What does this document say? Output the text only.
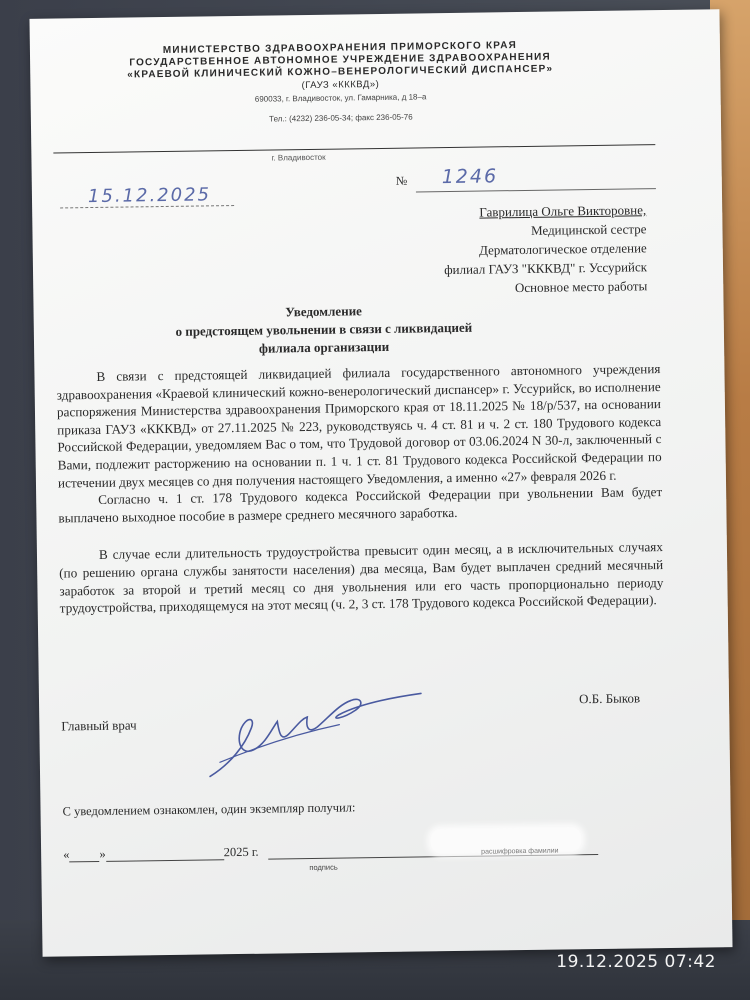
МИНИСТЕРСТВО ЗДРАВООХРАНЕНИЯ ПРИМОРСКОГО КРАЯ
ГОСУДАРСТВЕННОЕ АВТОНОМНОЕ УЧРЕЖДЕНИЕ ЗДРАВООХРАНЕНИЯ
«КРАЕВОЙ КЛИНИЧЕСКИЙ КОЖНО–ВЕНЕРОЛОГИЧЕСКИЙ ДИСПАНСЕР»
(ГАУЗ «КККВД»)
690033, г. Владивосток, ул. Гамарника, д 18–а
Тел.: (4232) 236-05-34; факс 236-05-76
г. Владивосток
15.12.2025
№ 1246
Гаврилица Ольге Викторовне,
Медицинской сестре
Дерматологическое отделение
филиал ГАУЗ "КККВД" г. Уссурийск
Основное место работы
Уведомление
о предстоящем увольнении в связи с ликвидацией
филиала организации

В связи с предстоящей ликвидацией филиала государственного автономного учреждения здравоохранения «Краевой клинический кожно-венерологический диспансер» г. Уссурийск, во исполнение распоряжения Министерства здравоохранения Приморского края от 18.11.2025 № 18/р/537, на основании приказа ГАУЗ «КККВД» от 27.11.2025 № 223, руководствуясь ч. 4 ст. 81 и ч. 2 ст. 180 Трудового кодекса Российской Федерации, уведомляем Вас о том, что Трудовой договор от 03.06.2024 N 30-л, заключенный с Вами, подлежит расторжению на основании п. 1 ч. 1 ст. 81 Трудового кодекса Российской Федерации по истечении двух месяцев со дня получения настоящего Уведомления, а именно «27» февраля 2026 г.

Согласно ч. 1 ст. 178 Трудового кодекса Российской Федерации при увольнении Вам будет выплачено выходное пособие в размере среднего месячного заработка.

В случае если длительность трудоустройства превысит один месяц, а в исключительных случаях (по решению органа службы занятости населения) два месяца, Вам будет выплачен средний месячный заработок за второй и третий месяц со дня увольнения или его часть пропорционально периоду трудоустройства, приходящемуся на этот месяц (ч. 2, 3 ст. 178 Трудового кодекса Российской Федерации).

Главный врач
О.Б. Быков
С уведомлением ознакомлен, один экземпляр получил:
« »	2025 г.
подпись
расшифровка фамилии
19.12.2025 07:42
